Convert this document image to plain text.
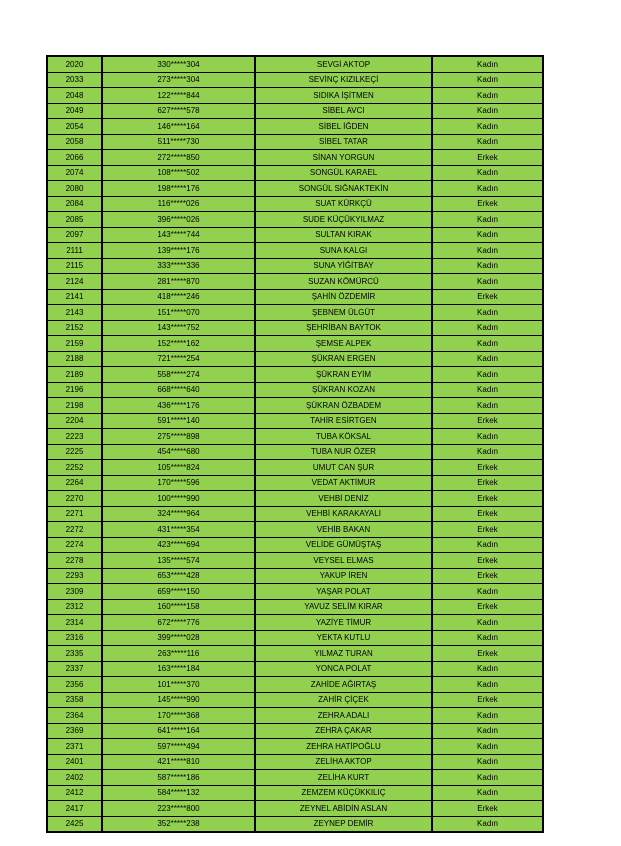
2020	330*****304	SEVGİ AKTOP	Kadın
2033	273*****304	SEVİNÇ KIZILKEÇİ	Kadın
2048	122*****844	SIDIKA İŞİTMEN	Kadın
2049	627*****578	SİBEL AVCI	Kadın
2054	146*****164	SİBEL İĞDEN	Kadın
2058	511*****730	SİBEL TATAR	Kadın
2066	272*****850	SİNAN YORGUN	Erkek
2074	108*****502	SONGÜL KARAEL	Kadın
2080	198*****176	SONGÜL SIĞNAKTEKİN	Kadın
2084	116*****026	SUAT KÜRKÇÜ	Erkek
2085	396*****026	SUDE KÜÇÜKYILMAZ	Kadın
2097	143*****744	SULTAN KIRAK	Kadın
2111	139*****176	SUNA KALGI	Kadın
2115	333*****336	SUNA YİĞİTBAY	Kadın
2124	281*****870	SUZAN KÖMÜRCÜ	Kadın
2141	418*****246	ŞAHİN ÖZDEMİR	Erkek
2143	151*****070	ŞEBNEM ÜLGÜT	Kadın
2152	143*****752	ŞEHRİBAN BAYTOK	Kadın
2159	152*****162	ŞEMSE ALPEK	Kadın
2188	721*****254	ŞÜKRAN ERGEN	Kadın
2189	558*****274	ŞÜKRAN EYİM	Kadın
2196	668*****640	ŞÜKRAN KOZAN	Kadın
2198	436*****176	ŞÜKRAN ÖZBADEM	Kadın
2204	591*****140	TAHİR ESİRTGEN	Erkek
2223	275*****898	TUBA KÖKSAL	Kadın
2225	454*****680	TUBA NUR ÖZER	Kadın
2252	105*****824	UMUT CAN ŞUR	Erkek
2264	170*****596	VEDAT AKTİMUR	Erkek
2270	100*****990	VEHBİ DENİZ	Erkek
2271	324*****964	VEHBİ KARAKAYALI	Erkek
2272	431*****354	VEHİB BAKAN	Erkek
2274	423*****694	VELİDE GÜMÜŞTAŞ	Kadın
2278	135*****574	VEYSEL ELMAS	Erkek
2293	653*****428	YAKUP İREN	Erkek
2309	659*****150	YAŞAR POLAT	Kadın
2312	160*****158	YAVUZ SELİM KIRAR	Erkek
2314	672*****776	YAZİYE TİMUR	Kadın
2316	399*****028	YEKTA KUTLU	Kadın
2335	263*****116	YILMAZ TURAN	Erkek
2337	163*****184	YONCA POLAT	Kadın
2356	101*****370	ZAHİDE AĞIRTAŞ	Kadın
2358	145*****990	ZAHİR ÇİÇEK	Erkek
2364	170*****368	ZEHRA ADALI	Kadın
2369	641*****164	ZEHRA ÇAKAR	Kadın
2371	597*****494	ZEHRA HATİPOĞLU	Kadın
2401	421*****810	ZELİHA AKTOP	Kadın
2402	587*****186	ZELİHA KURT	Kadın
2412	584*****132	ZEMZEM KÜÇÜKKILIÇ	Kadın
2417	223*****800	ZEYNEL ABİDİN ASLAN	Erkek
2425	352*****238	ZEYNEP DEMİR	Kadın
